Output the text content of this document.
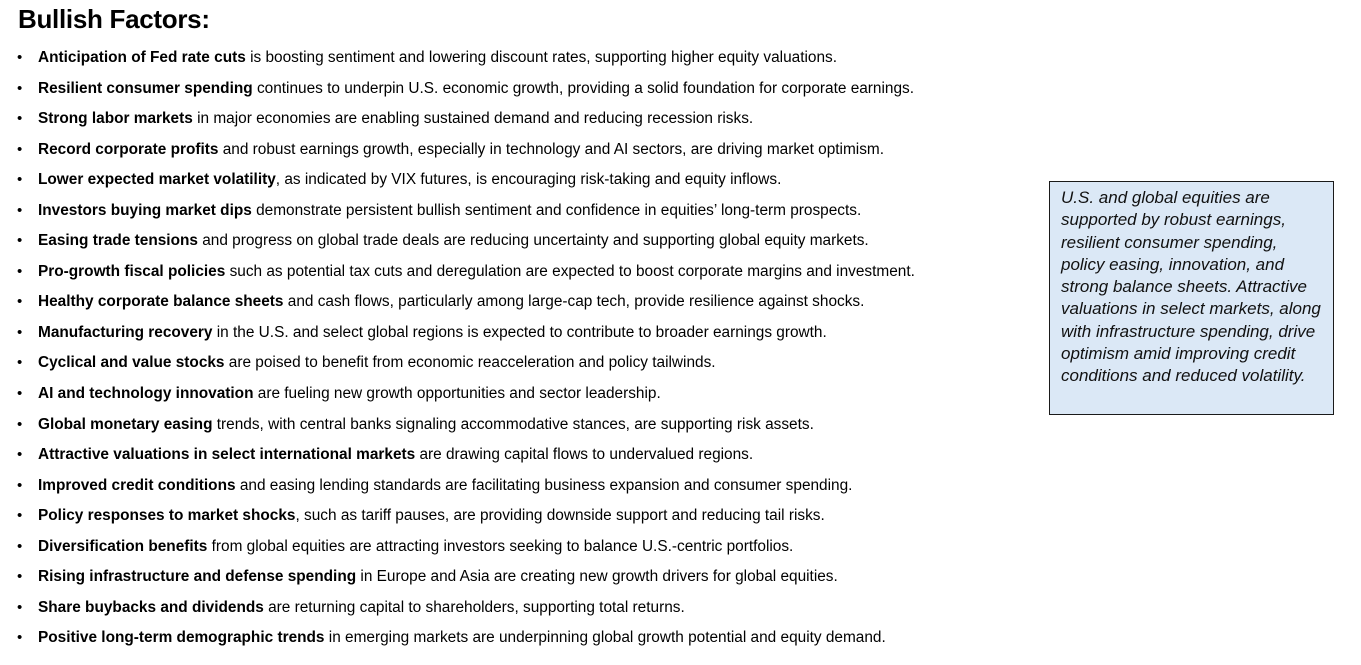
Bullish Factors:
• Anticipation of Fed rate cuts is boosting sentiment and lowering discount rates, supporting higher equity valuations.
• Resilient consumer spending continues to underpin U.S. economic growth, providing a solid foundation for corporate earnings.
• Strong labor markets in major economies are enabling sustained demand and reducing recession risks.
• Record corporate profits and robust earnings growth, especially in technology and AI sectors, are driving market optimism.
• Lower expected market volatility, as indicated by VIX futures, is encouraging risk-taking and equity inflows.
• Investors buying market dips demonstrate persistent bullish sentiment and confidence in equities’ long-term prospects.
• Easing trade tensions and progress on global trade deals are reducing uncertainty and supporting global equity markets.
• Pro-growth fiscal policies such as potential tax cuts and deregulation are expected to boost corporate margins and investment.
• Healthy corporate balance sheets and cash flows, particularly among large-cap tech, provide resilience against shocks.
• Manufacturing recovery in the U.S. and select global regions is expected to contribute to broader earnings growth.
• Cyclical and value stocks are poised to benefit from economic reacceleration and policy tailwinds.
• AI and technology innovation are fueling new growth opportunities and sector leadership.
• Global monetary easing trends, with central banks signaling accommodative stances, are supporting risk assets.
• Attractive valuations in select international markets are drawing capital flows to undervalued regions.
• Improved credit conditions and easing lending standards are facilitating business expansion and consumer spending.
• Policy responses to market shocks, such as tariff pauses, are providing downside support and reducing tail risks.
• Diversification benefits from global equities are attracting investors seeking to balance U.S.-centric portfolios.
• Rising infrastructure and defense spending in Europe and Asia are creating new growth drivers for global equities.
• Share buybacks and dividends are returning capital to shareholders, supporting total returns.
• Positive long-term demographic trends in emerging markets are underpinning global growth potential and equity demand.
U.S. and global equities are supported by robust earnings, resilient consumer spending, policy easing, innovation, and strong balance sheets. Attractive valuations in select markets, along with infrastructure spending, drive optimism amid improving credit conditions and reduced volatility.
